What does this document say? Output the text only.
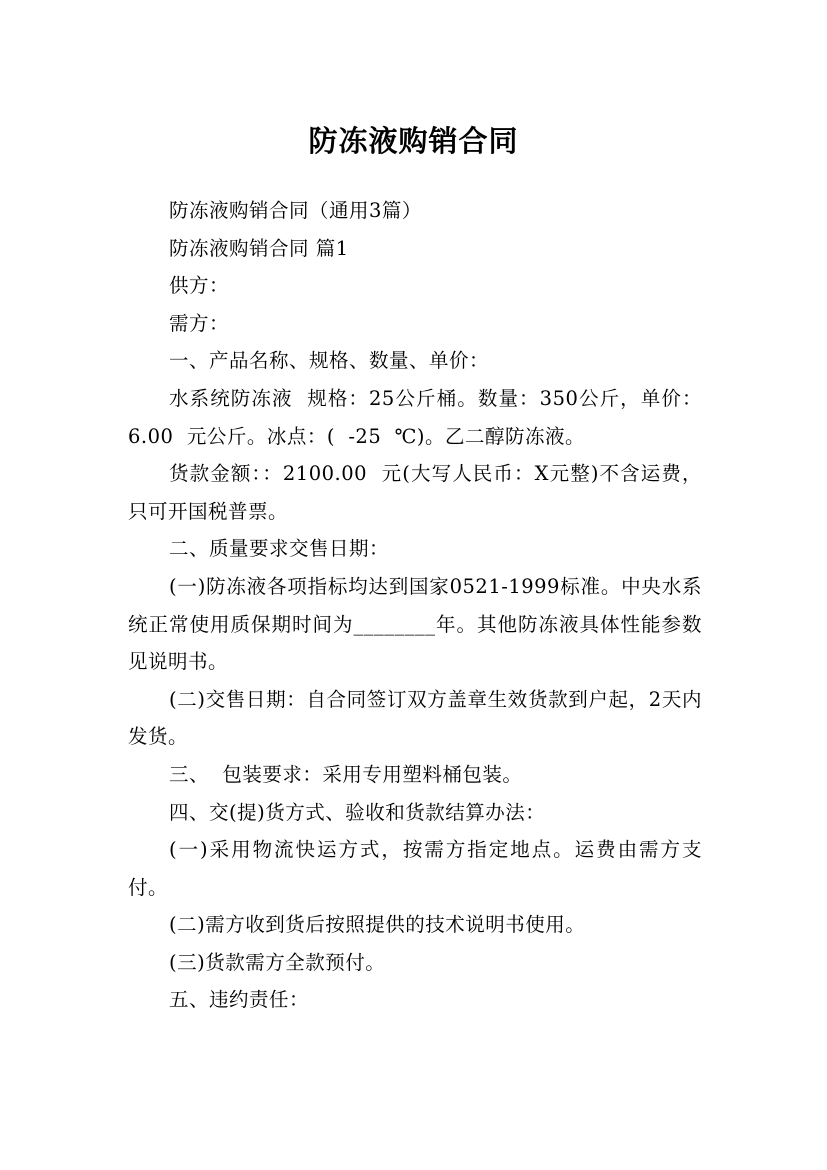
防冻液购销合同

防冻液购销合同（通用3篇）

防冻液购销合同 篇1

供方：

需方：

一、产品名称、规格、数量、单价：

水系统防冻液  规格：25公斤桶。数量：350公斤，单价：6.00  元公斤。冰点：(  -25  ℃)。乙二醇防冻液。

货款金额：：2100.00  元(大写人民币：X元整)不含运费，只可开国税普票。

二、质量要求交售日期：

(一)防冻液各项指标均达到国家0521-1999标准。中央水系统正常使用质保期时间为________年。其他防冻液具体性能参数见说明书。

(二)交售日期：自合同签订双方盖章生效货款到户起，2天内发货。

三、  包装要求：采用专用塑料桶包装。

四、交(提)货方式、验收和货款结算办法：

(一)采用物流快运方式，按需方指定地点。运费由需方支付。

(二)需方收到货后按照提供的技术说明书使用。

(三)货款需方全款预付。

五、违约责任：
